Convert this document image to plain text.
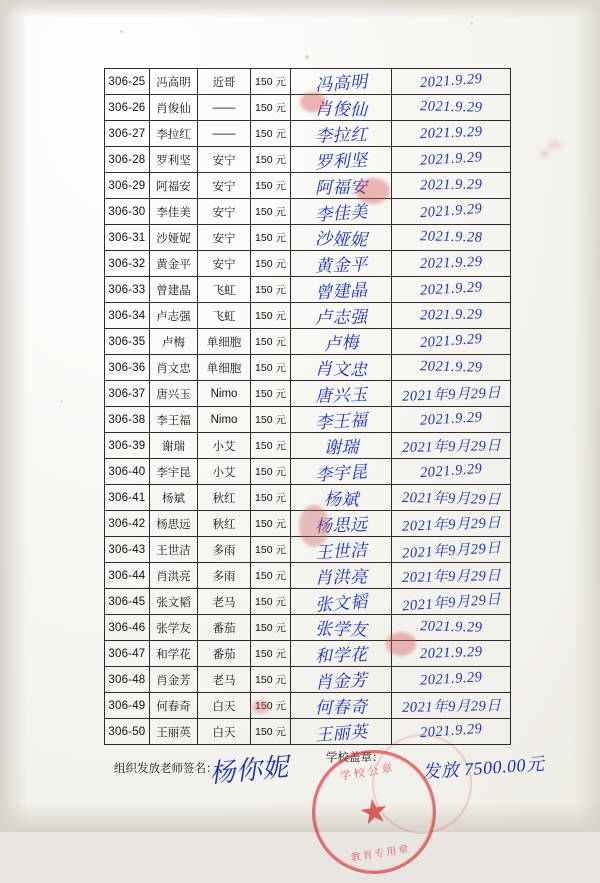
306-25	冯高明	近哥	150 元	冯高明	2021.9.29
306-26	肖俊仙	——	150 元	肖俊仙	2021.9.29
306-27	李拉红	——	150 元	李拉红	2021.9.29
306-28	罗利坚	安宁	150 元	罗利坚	2021.9.29
306-29	阿福安	安宁	150 元	阿福安	2021.9.29
306-30	李佳美	安宁	150 元	李佳美	2021.9.29
306-31	沙娅妮	安宁	150 元	沙娅妮	2021.9.28
306-32	黄金平	安宁	150 元	黄金平	2021.9.29
306-33	曾建晶	飞虹	150 元	曾建晶	2021.9.29
306-34	卢志强	飞虹	150 元	卢志强	2021.9.29
306-35	卢梅	单细胞	150 元	卢梅	2021.9.29
306-36	肖文忠	单细胞	150 元	肖文忠	2021.9.29
306-37	唐兴玉	Nimo	150 元	唐兴玉	2021年9月29日
306-38	李王福	Nimo	150 元	李王福	2021.9.29
306-39	谢瑞	小艾	150 元	谢瑞	2021年9月29日
306-40	李宇昆	小艾	150 元	李宇昆	2021.9.29
306-41	杨斌	秋红	150 元	杨斌	2021年9月29日
306-42	杨思远	秋红	150 元	杨思远	2021年9月29日
306-43	王世洁	多雨	150 元	王世洁	2021年9月29日
306-44	肖洪亮	多雨	150 元	肖洪亮	2021年9月29日
306-45	张文韬	老马	150 元	张文韬	2021年9月29日
306-46	张学友	番茄	150 元	张学友	2021.9.29
306-47	和学花	番茄	150 元	和学花	2021.9.29
306-48	肖金芳	老马	150 元	肖金芳	2021.9.29
306-49	何春奇	白天	150 元	何春奇	2021年9月29日
306-50	王丽英	白天	150 元	王丽英	2021.9.29
组织发放老师签名：
学校盖章：
杨你妮	学校公章
教育专用章
发放 7500.00元
